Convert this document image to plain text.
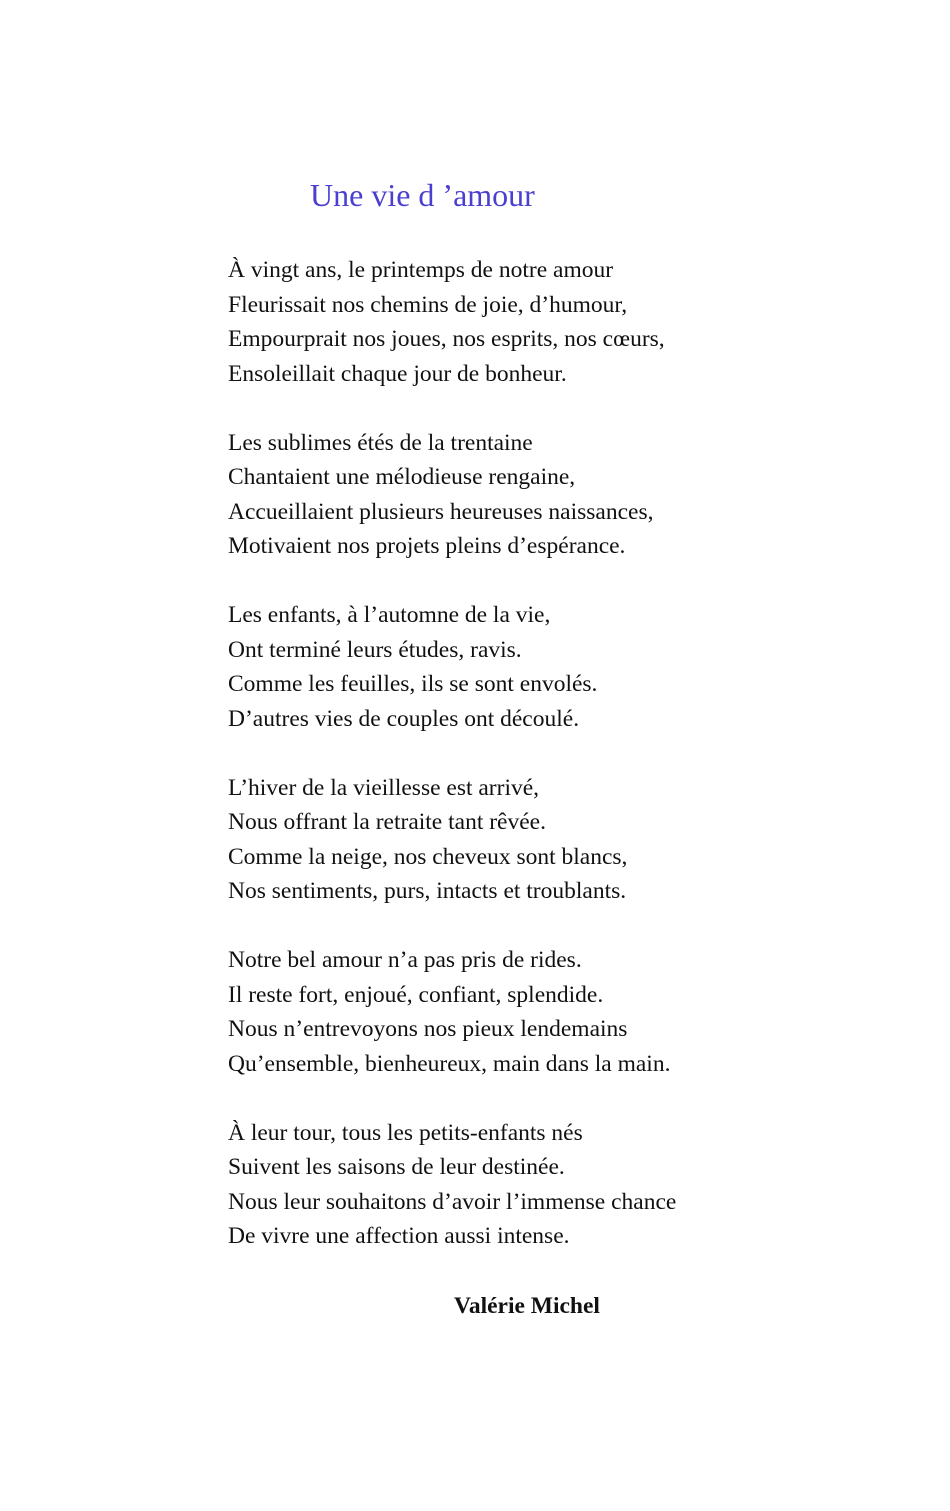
Une vie d ’amour
À vingt ans, le printemps de notre amour
Fleurissait nos chemins de joie, d’humour,
Empourprait nos joues, nos esprits, nos cœurs,
Ensoleillait chaque jour de bonheur.
Les sublimes étés de la trentaine
Chantaient une mélodieuse rengaine,
Accueillaient plusieurs heureuses naissances,
Motivaient nos projets pleins d’espérance.
Les enfants, à l’automne de la vie,
Ont terminé leurs études, ravis.
Comme les feuilles, ils se sont envolés.
D’autres vies de couples ont découlé.
L’hiver de la vieillesse est arrivé,
Nous offrant la retraite tant rêvée.
Comme la neige, nos cheveux sont blancs,
Nos sentiments, purs, intacts et troublants.
Notre bel amour n’a pas pris de rides.
Il reste fort, enjoué, confiant, splendide.
Nous n’entrevoyons nos pieux lendemains
Qu’ensemble, bienheureux, main dans la main.
À leur tour, tous les petits-enfants nés
Suivent les saisons de leur destinée.
Nous leur souhaitons d’avoir l’immense chance
De vivre une affection aussi intense.

Valérie Michel
